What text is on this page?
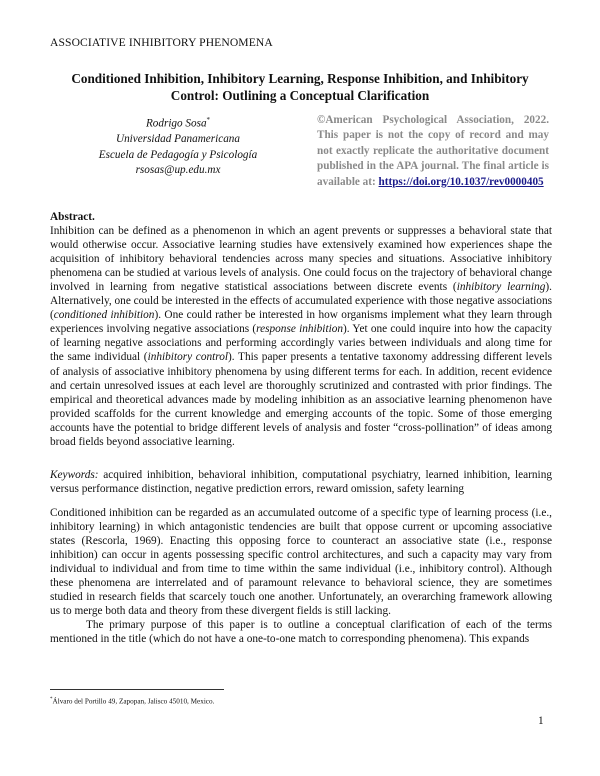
ASSOCIATIVE INHIBITORY PHENOMENA
Conditioned Inhibition, Inhibitory Learning, Response Inhibition, and Inhibitory
Control: Outlining a Conceptual Clarification
Rodrigo Sosa*
Universidad Panamericana
Escuela de Pedagogía y Psicología
rsosas@up.edu.mx
©American Psychological Association, 2022. This paper is not the copy of record and may not exactly replicate the authoritative document published in the APA journal. The final article is available at: https://doi.org/10.1037/rev0000405
Abstract.
Inhibition can be defined as a phenomenon in which an agent prevents or suppresses a behavioral state that would otherwise occur. Associative learning studies have extensively examined how experiences shape the acquisition of inhibitory behavioral tendencies across many species and situations. Associative inhibitory phenomena can be studied at various levels of analysis. One could focus on the trajectory of behavioral change involved in learning from negative statistical associations between discrete events (inhibitory learning). Alternatively, one could be interested in the effects of accumulated experience with those negative associations (conditioned inhibition). One could rather be interested in how organisms implement what they learn through experiences involving negative associations (response inhibition). Yet one could inquire into how the capacity of learning negative associations and performing accordingly varies between individuals and along time for the same individual (inhibitory control). This paper presents a tentative taxonomy addressing different levels of analysis of associative inhibitory phenomena by using different terms for each. In addition, recent evidence and certain unresolved issues at each level are thoroughly scrutinized and contrasted with prior findings. The empirical and theoretical advances made by modeling inhibition as an associative learning phenomenon have provided scaffolds for the current knowledge and emerging accounts of the topic. Some of those emerging accounts have the potential to bridge different levels of analysis and foster “cross-pollination” of ideas among broad fields beyond associative learning.
Keywords: acquired inhibition, behavioral inhibition, computational psychiatry, learned inhibition, learning versus performance distinction, negative prediction errors, reward omission, safety learning

Conditioned inhibition can be regarded as an accumulated outcome of a specific type of learning process (i.e., inhibitory learning) in which antagonistic tendencies are built that oppose current or upcoming associative states (Rescorla, 1969). Enacting this opposing force to counteract an associative state (i.e., response inhibition) can occur in agents possessing specific control architectures, and such a capacity may vary from individual to individual and from time to time within the same individual (i.e., inhibitory control). Although these phenomena are interrelated and of paramount relevance to behavioral science, they are sometimes studied in research fields that scarcely touch one another. Unfortunately, an overarching framework allowing us to merge both data and theory from these divergent fields is still lacking.

The primary purpose of this paper is to outline a conceptual clarification of each of the terms mentioned in the title (which do not have a one-to-one match to corresponding phenomena). This expands

*Álvaro del Portillo 49, Zapopan, Jalisco 45010, Mexico.
1
